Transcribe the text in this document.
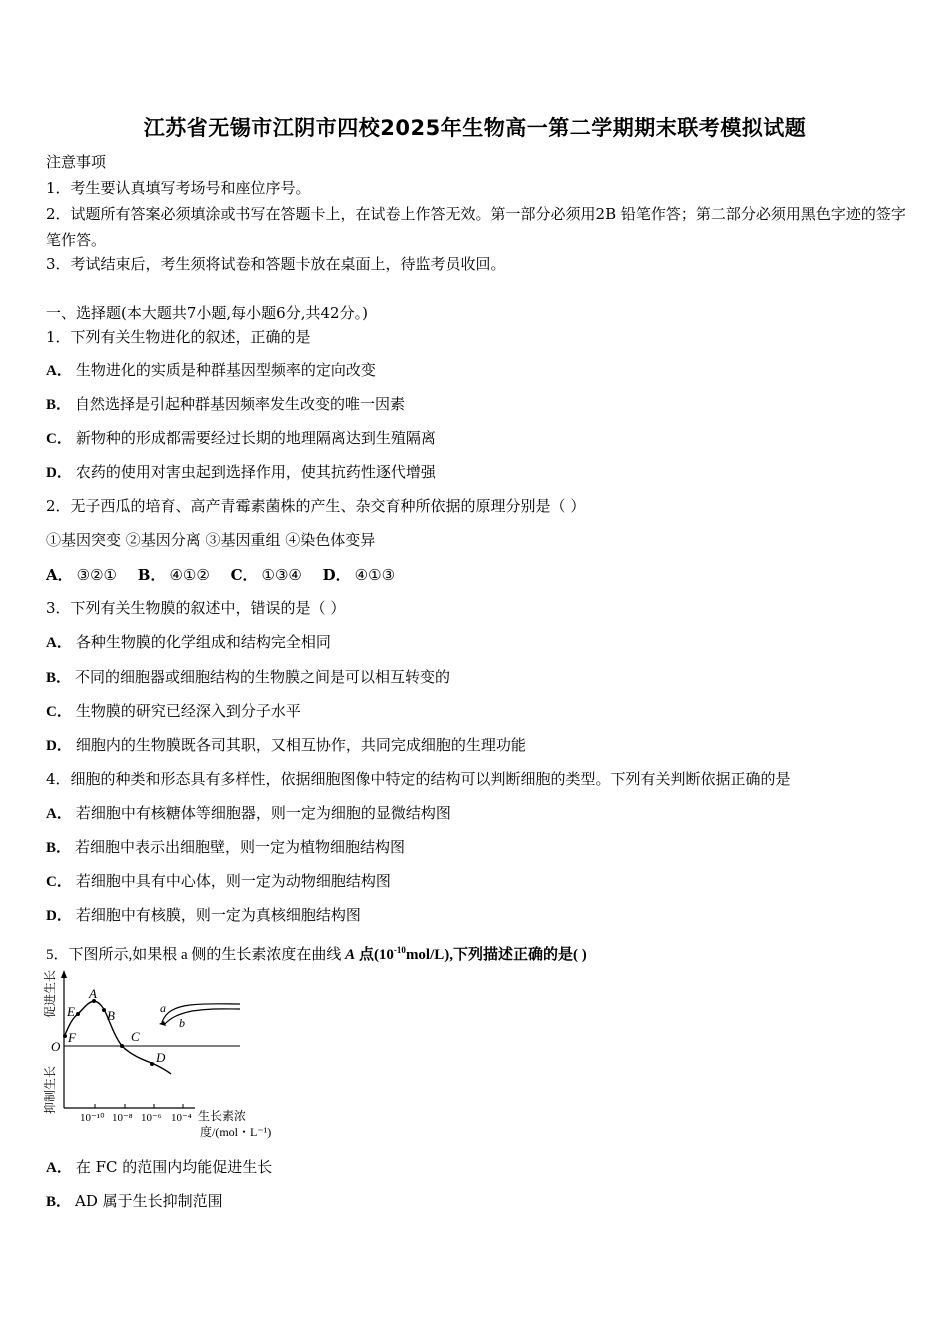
江苏省无锡市江阴市四校2025年生物高一第二学期期末联考模拟试题
注意事项
1．考生要认真填写考场号和座位序号。
2．试题所有答案必须填涂或书写在答题卡上，在试卷上作答无效。第一部分必须用2B 铅笔作答；第二部分必须用黑色字迹的签字笔作答。
3．考试结束后，考生须将试卷和答题卡放在桌面上，待监考员收回。
一、选择题(本大题共7小题,每小题6分,共42分。)
1．下列有关生物进化的叙述，正确的是
A． 生物进化的实质是种群基因型频率的定向改变
B． 自然选择是引起种群基因频率发生改变的唯一因素
C． 新物种的形成都需要经过长期的地理隔离达到生殖隔离
D． 农药的使用对害虫起到选择作用，使其抗药性逐代增强
2．无子西瓜的培育、高产青霉素菌株的产生、杂交育种所依据的原理分别是（ ）
①基因突变 ②基因分离 ③基因重组 ④染色体变异
A． ③②① B． ④①② C． ①③④ D． ④①③
3．下列有关生物膜的叙述中，错误的是（ ）
A． 各种生物膜的化学组成和结构完全相同
B． 不同的细胞器或细胞结构的生物膜之间是可以相互转变的
C． 生物膜的研究已经深入到分子水平
D． 细胞内的生物膜既各司其职，又相互协作，共同完成细胞的生理功能
4．细胞的种类和形态具有多样性，依据细胞图像中特定的结构可以判断细胞的类型。下列有关判断依据正确的是
A． 若细胞中有核糖体等细胞器，则一定为细胞的显微结构图
B． 若细胞中表示出细胞壁，则一定为植物细胞结构图
C． 若细胞中具有中心体，则一定为动物细胞结构图
D． 若细胞中有核膜，则一定为真核细胞结构图
5．下图所示,如果根 a 侧的生长素浓度在曲线 A 点$(10^{-10}mol/L)$,下列描述正确的是( )
促进生长
抑制生长
10⁻¹⁰ 10⁻⁸ 10⁻⁶ 10⁻⁴ 生长素浓
度/(mol・L⁻¹)
O
E
A
B
C
D
F
a
b
A． 在 FC 的范围内均能促进生长
B． AD 属于生长抑制范围
